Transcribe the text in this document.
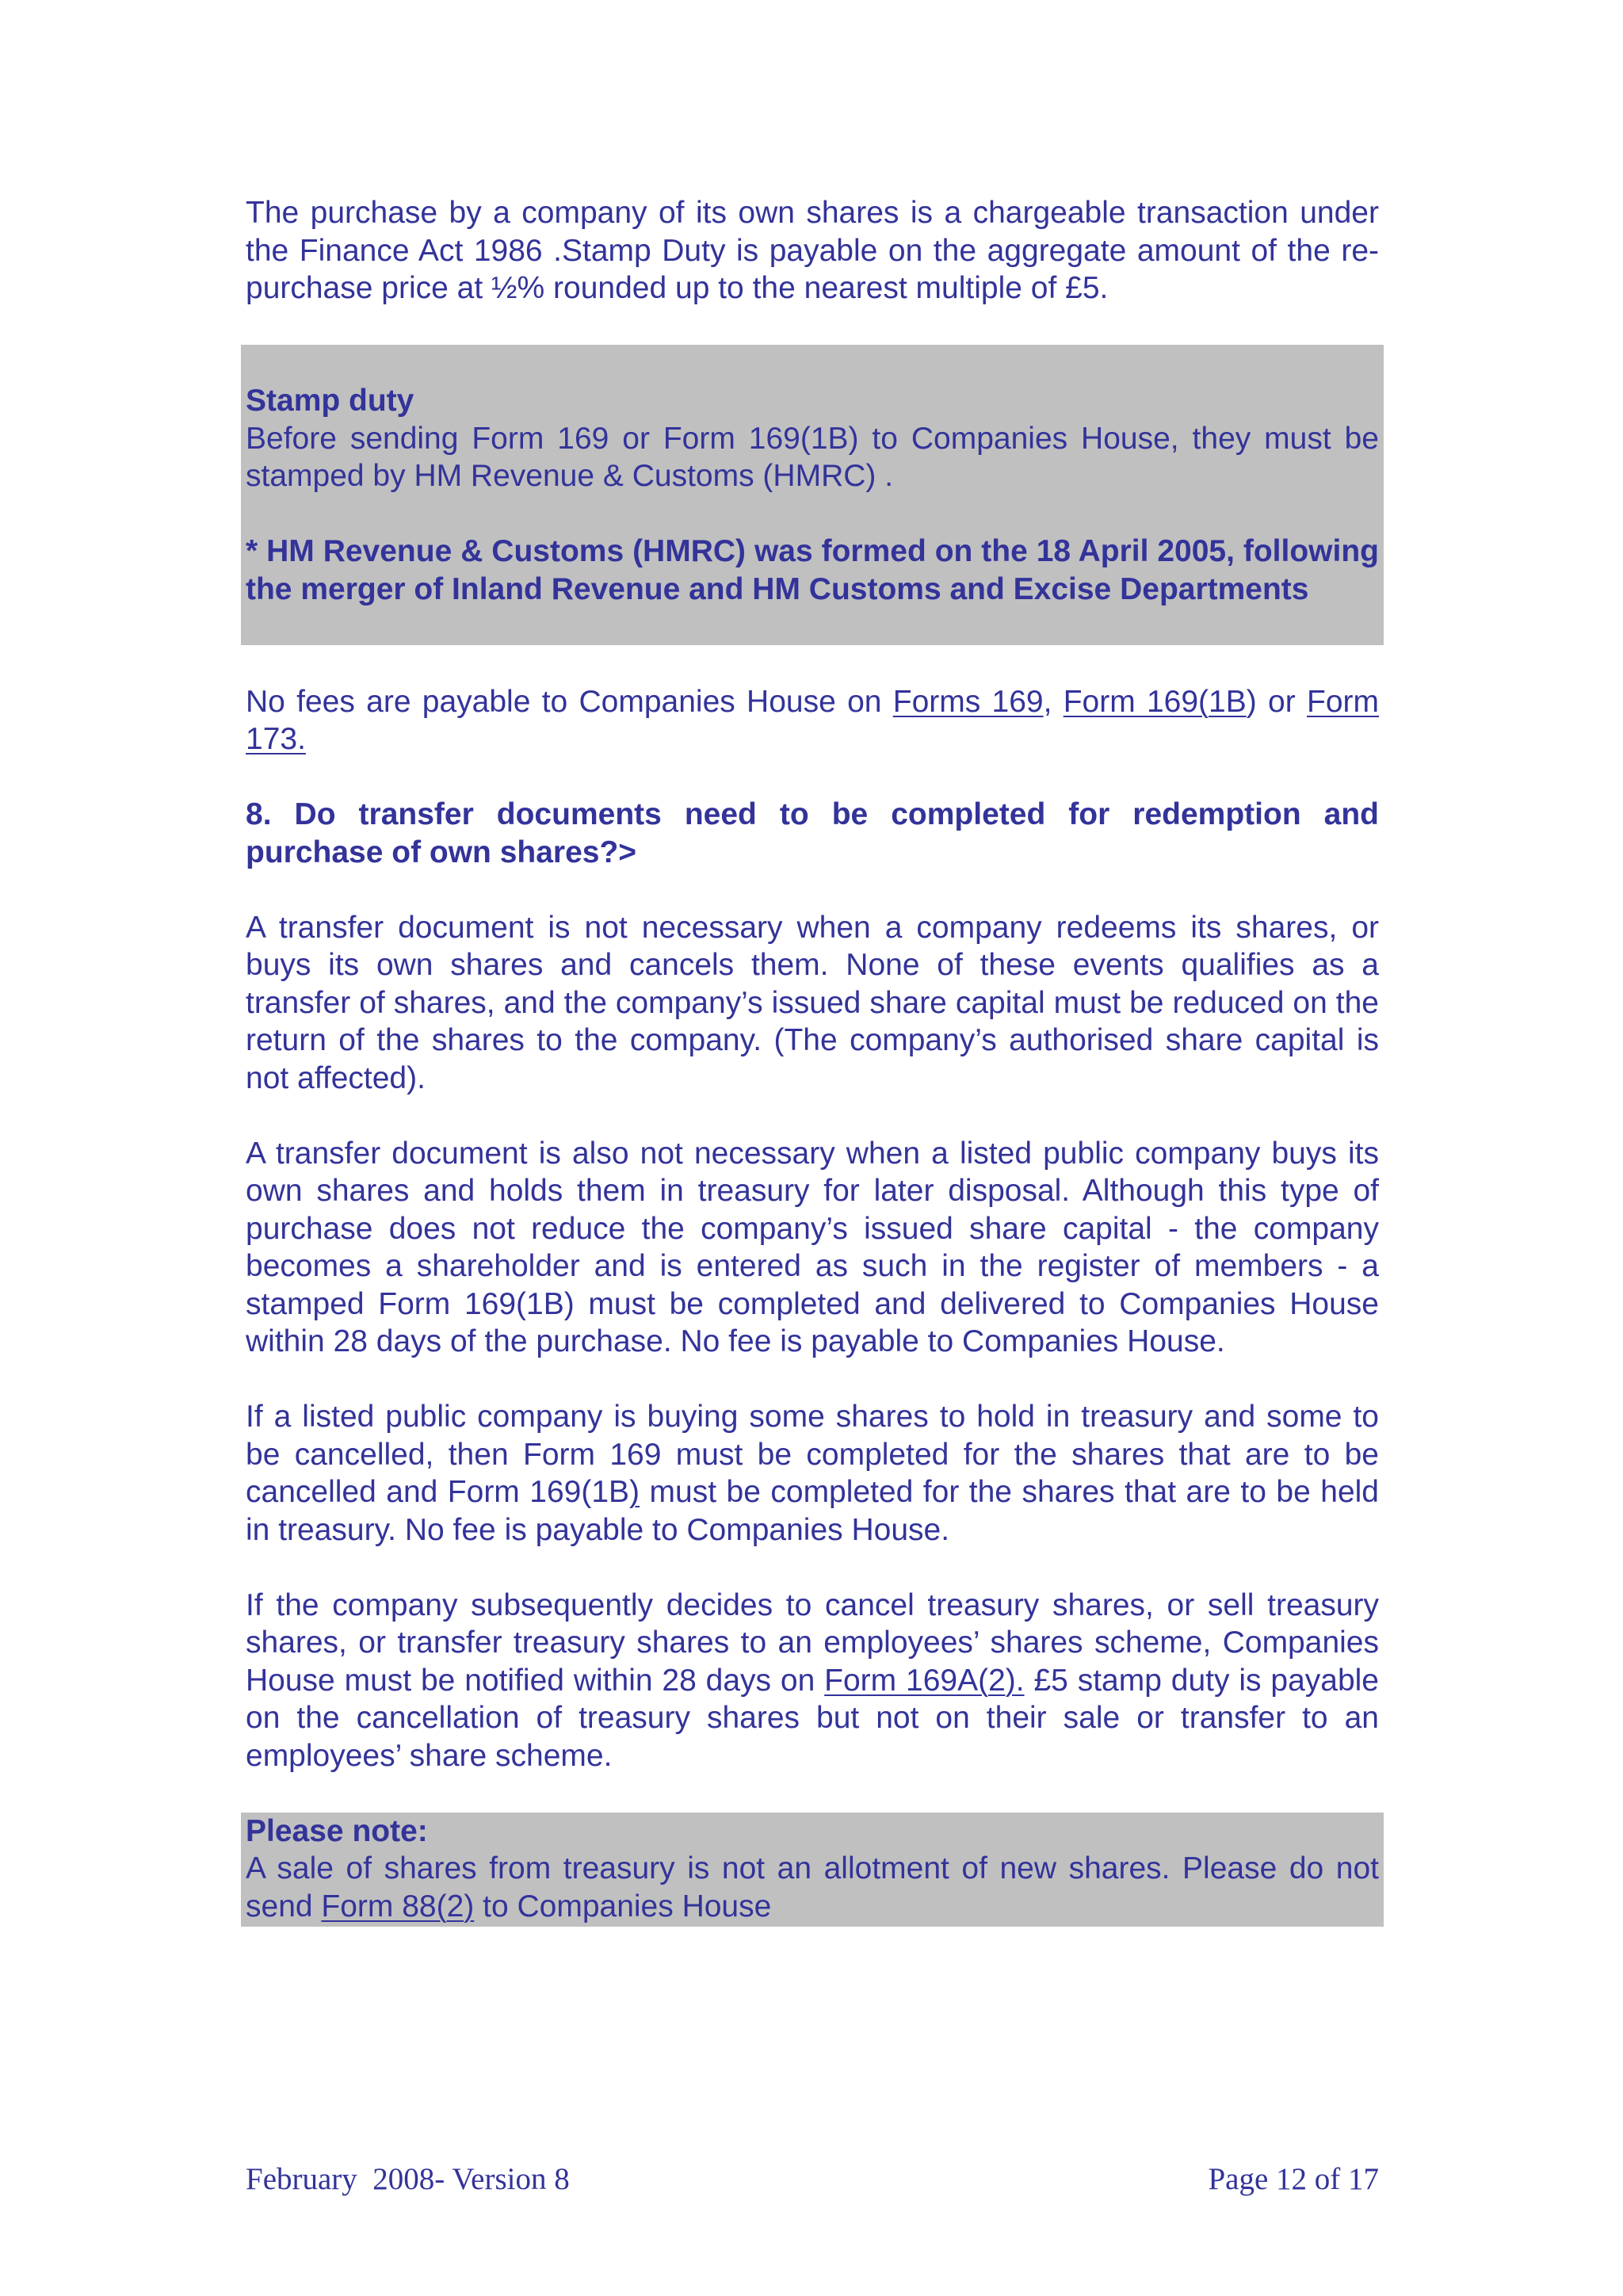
The purchase by a company of its own shares is a chargeable transaction under the Finance Act 1986 .Stamp Duty is payable on the aggregate amount of the re-purchase price at ½% rounded up to the nearest multiple of £5.

Stamp duty

Before sending Form 169 or Form 169(1B) to Companies House, they must be stamped by HM Revenue & Customs (HMRC) .

* HM Revenue & Customs (HMRC) was formed on the 18 April 2005, following the merger of Inland Revenue and HM Customs and Excise Departments

No fees are payable to Companies House on Forms 169, Form 169(1B) or Form 173.

8. Do transfer documents need to be completed for redemption and purchase of own shares?>

A transfer document is not necessary when a company redeems its shares, or buys its own shares and cancels them. None of these events qualifies as a transfer of shares, and the company’s issued share capital must be reduced on the return of the shares to the company. (The company’s authorised share capital is not affected).

A transfer document is also not necessary when a listed public company buys its own shares and holds them in treasury for later disposal. Although this type of purchase does not reduce the company’s issued share capital - the company becomes a shareholder and is entered as such in the register of members - a stamped Form 169(1B) must be completed and delivered to Companies House within 28 days of the purchase. No fee is payable to Companies House.

If a listed public company is buying some shares to hold in treasury and some to be cancelled, then Form 169 must be completed for the shares that are to be cancelled and Form 169(1B) must be completed for the shares that are to be held in treasury. No fee is payable to Companies House.

If the company subsequently decides to cancel treasury shares, or sell treasury shares, or transfer treasury shares to an employees’ shares scheme, Companies House must be notified within 28 days on Form 169A(2). £5 stamp duty is payable on the cancellation of treasury shares but not on their sale or transfer to an employees’ share scheme.

Please note:

A sale of shares from treasury is not an allotment of new shares. Please do not send Form 88(2) to Companies House

February  2008- Version 8	Page 12 of 17
